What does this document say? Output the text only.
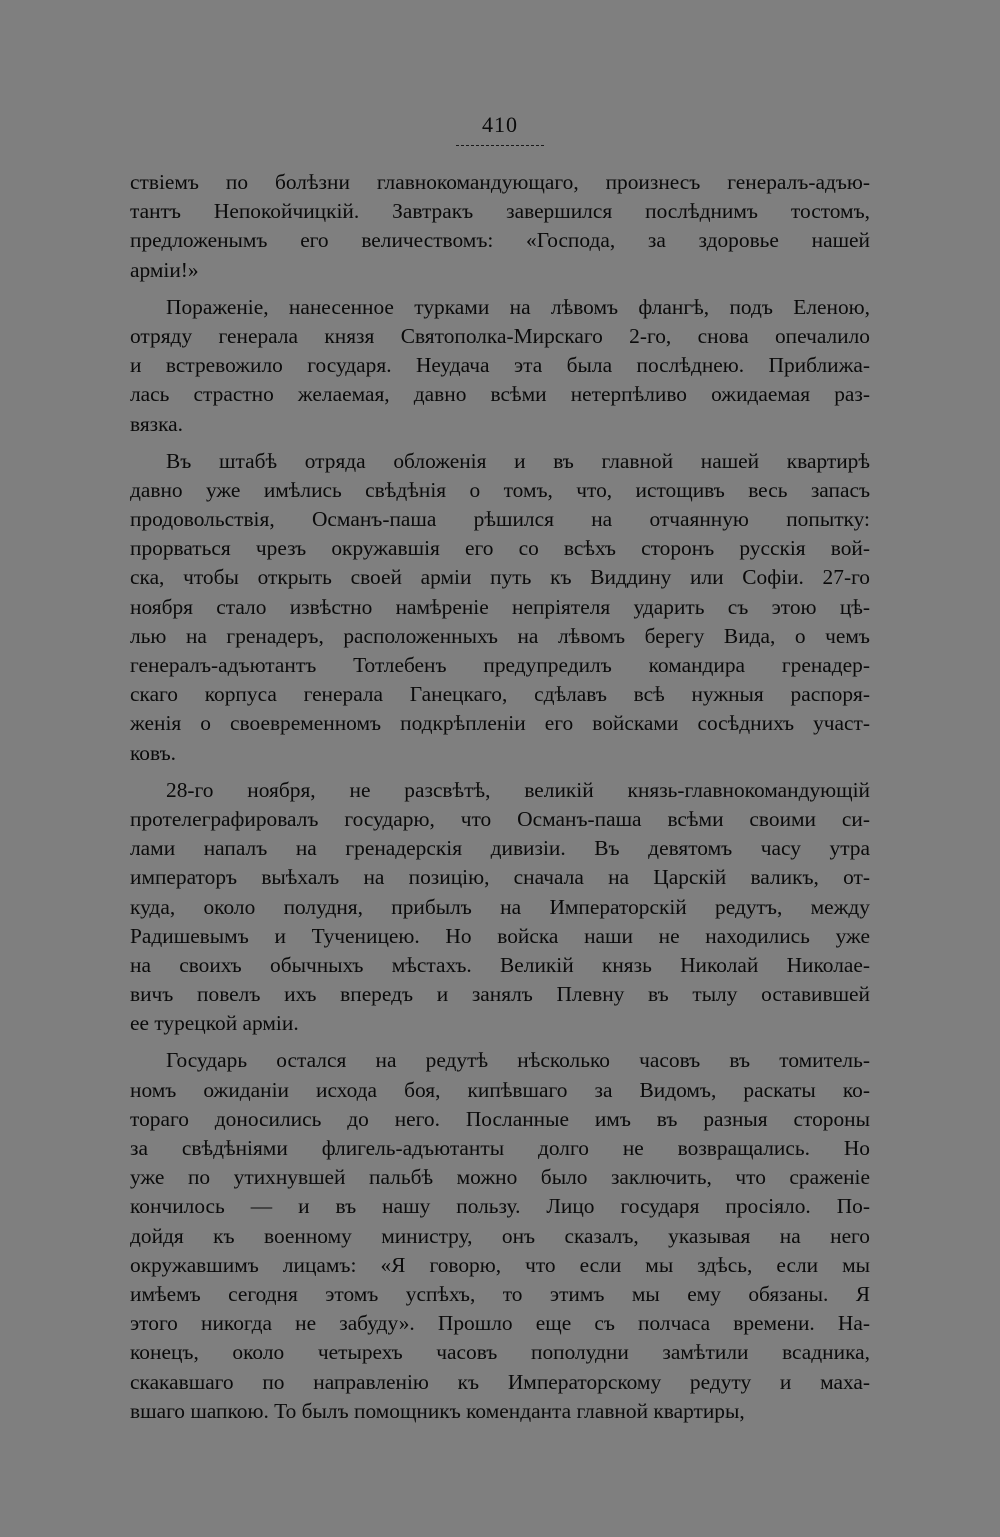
410
ствіемъ по болѣзни главнокомандующаго, произнесъ генералъ-адъю-
тантъ Непокойчицкій. Завтракъ завершился послѣднимъ тостомъ,
предложенымъ его величествомъ: «Господа, за здоровье нашей
арміи!»
Пораженіе, нанесенное турками на лѣвомъ флангѣ, подъ Еленою,
отряду генерала князя Святополка-Мирскаго 2-го, снова опечалило
и встревожило государя. Неудача эта была послѣднею. Приближа-
лась страстно желаемая, давно всѣми нетерпѣливо ожидаемая раз-
вязка.
Въ штабѣ отряда обложенія и въ главной нашей квартирѣ
давно уже имѣлись свѣдѣнія о томъ, что, истощивъ весь запасъ
продовольствія, Османъ-паша рѣшился на отчаянную попытку:
прорваться чрезъ окружавшія его со всѣхъ сторонъ русскія вой-
ска, чтобы открыть своей арміи путь къ Виддину или Софіи. 27-го
ноября стало извѣстно намѣреніе непріятеля ударить съ этою цѣ-
лью на гренадеръ, расположенныхъ на лѣвомъ берегу Вида, о чемъ
генералъ-адъютантъ Тотлебенъ предупредилъ командира гренадер-
скаго корпуса генерала Ганецкаго, сдѣлавъ всѣ нужныя распоря-
женія о своевременномъ подкрѣпленіи его войсками сосѣднихъ участ-
ковъ.
28-го ноября, не разсвѣтѣ, великій князь-главнокомандующій
протелеграфировалъ государю, что Османъ-паша всѣми своими си-
лами напалъ на гренадерскія дивизіи. Въ девятомъ часу утра
императоръ выѣхалъ на позицію, сначала на Царскій валикъ, от-
куда, около полудня, прибылъ на Императорскій редутъ, между
Радишевымъ и Тученицею. Но войска наши не находились уже
на своихъ обычныхъ мѣстахъ. Великій князь Николай Николае-
вичъ повелъ ихъ впередъ и занялъ Плевну въ тылу оставившей
ее турецкой арміи.
Государь остался на редутѣ нѣсколько часовъ въ томитель-
номъ ожиданіи исхода боя, кипѣвшаго за Видомъ, раскаты ко-
тораго доносились до него. Посланные имъ въ разныя стороны
за свѣдѣніями флигель-адъютанты долго не возвращались. Но
уже по утихнувшей пальбѣ можно было заключить, что сраженіе
кончилось — и въ нашу пользу. Лицо государя просіяло. По-
дойдя къ военному министру, онъ сказалъ, указывая на него
окружавшимъ лицамъ: «Я говорю, что если мы здѣсь, если мы
имѣемъ сегодня этомъ успѣхъ, то этимъ мы ему обязаны. Я
этого никогда не забуду». Прошло еще съ полчаса времени. На-
конецъ, около четырехъ часовъ пополудни замѣтили всадника,
скакавшаго по направленію къ Императорскому редуту и маха-
вшаго шапкою. То былъ помощникъ коменданта главной квартиры,
